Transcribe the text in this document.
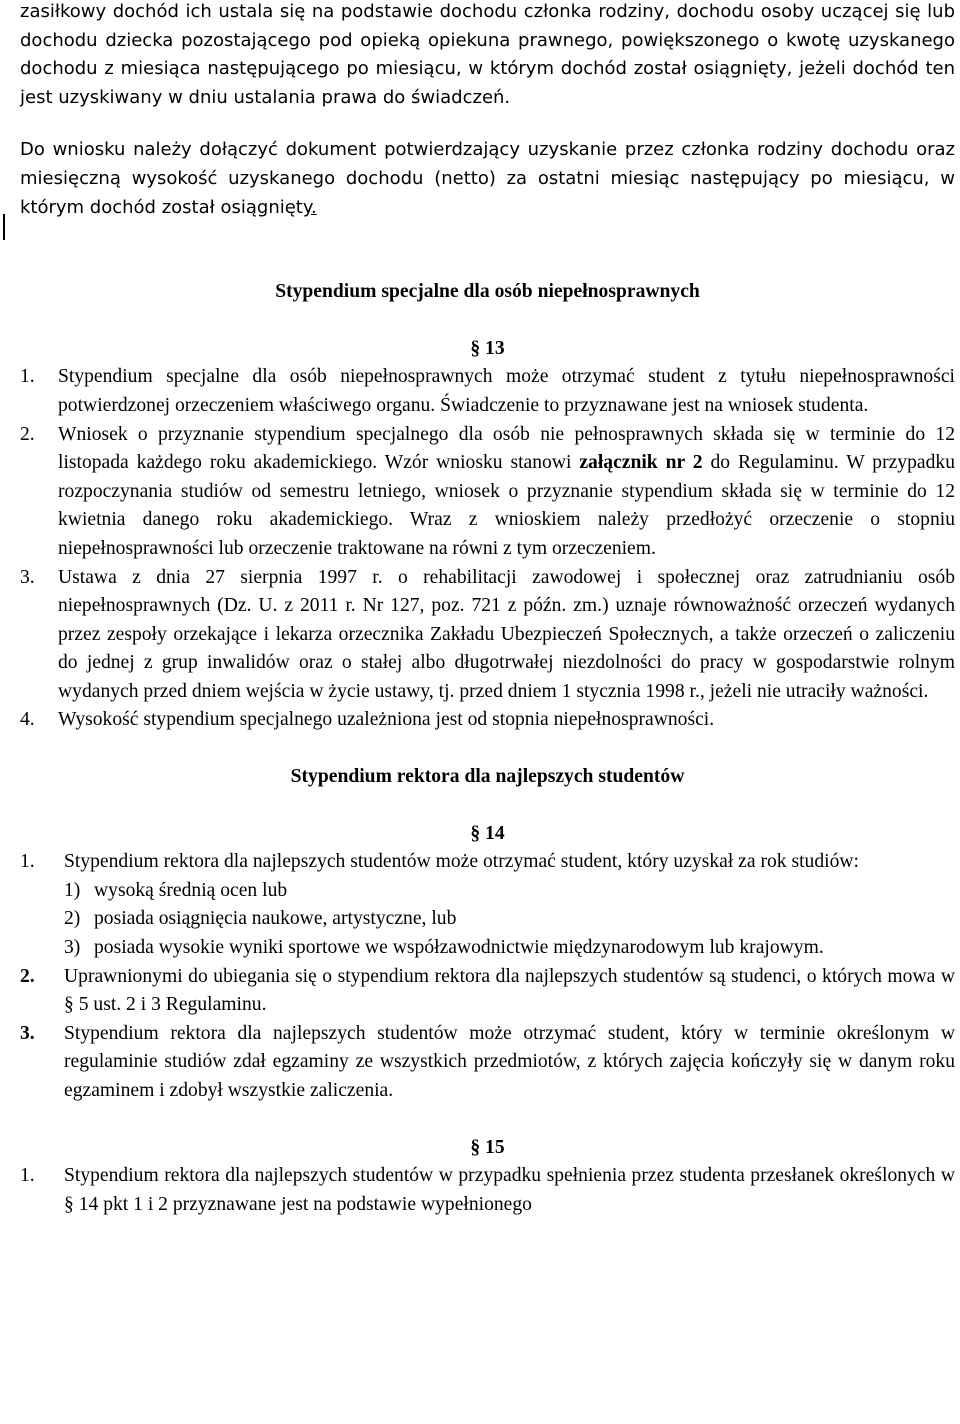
zasiłkowy dochód ich ustala się na podstawie dochodu członka rodziny, dochodu osoby uczącej się lub dochodu dziecka pozostającego pod opieką opiekuna prawnego, powiększonego o kwotę uzyskanego dochodu z miesiąca następującego po miesiącu, w którym dochód został osiągnięty, jeżeli dochód ten jest uzyskiwany w dniu ustalania prawa do świadczeń.

Do wniosku należy dołączyć dokument potwierdzający uzyskanie przez członka rodziny dochodu oraz miesięczną wysokość uzyskanego dochodu (netto) za ostatni miesiąc następujący po miesiącu, w którym dochód został osiągnięty.

Stypendium specjalne dla osób niepełnosprawnych

§ 13

1. Stypendium specjalne dla osób niepełnosprawnych może otrzymać student z tytułu niepełnosprawności potwierdzonej orzeczeniem właściwego organu. Świadczenie to przyznawane jest na wniosek studenta.
2. Wniosek o przyznanie stypendium specjalnego dla osób nie pełnosprawnych składa się w terminie do 12 listopada każdego roku akademickiego. Wzór wniosku stanowi załącznik nr 2 do Regulaminu. W przypadku rozpoczynania studiów od semestru letniego, wniosek o przyznanie stypendium składa się w terminie do 12 kwietnia danego roku akademickiego. Wraz z wnioskiem należy przedłożyć orzeczenie o stopniu niepełnosprawności lub orzeczenie traktowane na równi z tym orzeczeniem.
3. Ustawa z dnia 27 sierpnia 1997 r. o rehabilitacji zawodowej i społecznej oraz zatrudnianiu osób niepełnosprawnych (Dz. U. z 2011 r. Nr 127, poz. 721 z późn. zm.) uznaje równoważność orzeczeń wydanych przez zespoły orzekające i lekarza orzecznika Zakładu Ubezpieczeń Społecznych, a także orzeczeń o zaliczeniu do jednej z grup inwalidów oraz o stałej albo długotrwałej niezdolności do pracy w gospodarstwie rolnym wydanych przed dniem wejścia w życie ustawy, tj. przed dniem 1 stycznia 1998 r., jeżeli nie utraciły ważności.
4. Wysokość stypendium specjalnego uzależniona jest od stopnia niepełnosprawności.

Stypendium rektora dla najlepszych studentów

§ 14

1. Stypendium rektora dla najlepszych studentów może otrzymać student, który uzyskał za rok studiów:
1) wysoką średnią ocen lub
2) posiada osiągnięcia naukowe, artystyczne, lub
3) posiada wysokie wyniki sportowe we współzawodnictwie międzynarodowym lub krajowym.
2. Uprawnionymi do ubiegania się o stypendium rektora dla najlepszych studentów są studenci, o których mowa w § 5 ust. 2 i 3 Regulaminu.
3. Stypendium rektora dla najlepszych studentów może otrzymać student, który w terminie określonym w regulaminie studiów zdał egzaminy ze wszystkich przedmiotów, z których zajęcia kończyły się w danym roku egzaminem i zdobył wszystkie zaliczenia.

§ 15

1. Stypendium rektora dla najlepszych studentów w przypadku spełnienia przez studenta przesłanek określonych w § 14 pkt 1 i 2 przyznawane jest na podstawie wypełnionego
